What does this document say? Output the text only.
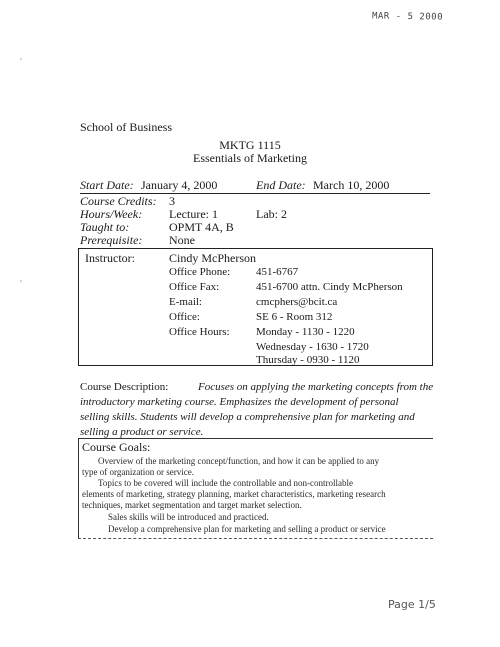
MAR - 5 2000
'
'
School of Business
MKTG 1115
Essentials of Marketing
Start Date: January 4, 2000	End Date: March 10, 2000
Course Credits: 3
Hours/Week: Lecture: 1	Lab: 2
Taught to:	OPMT 4A, B
Prerequisite: None
Instructor:	Cindy McPherson
Office Phone: 451-6767
Office Fax:	451-6700 attn. Cindy McPherson
E-mail:	cmcphers@bcit.ca
Office:	SE 6 - Room 312
Office Hours: Monday - 1130 - 1220
Wednesday - 1630 - 1720
Thursday - 0930 - 1120
Course Description:	Focuses on applying the marketing concepts from the
introductory marketing course. Emphasizes the development of personal
selling skills. Students will develop a comprehensive plan for marketing and
selling a product or service.
Course Goals:
Overview of the marketing concept/function, and how it can be applied to any
type of organization or service.
Topics to be covered will include the controllable and non-controllable
elements of marketing, strategy planning, market characteristics, marketing research
techniques, market segmentation and target market selection.
Sales skills will be introduced and practiced.
Develop a comprehensive plan for marketing and selling a product or service
Page 1/5
